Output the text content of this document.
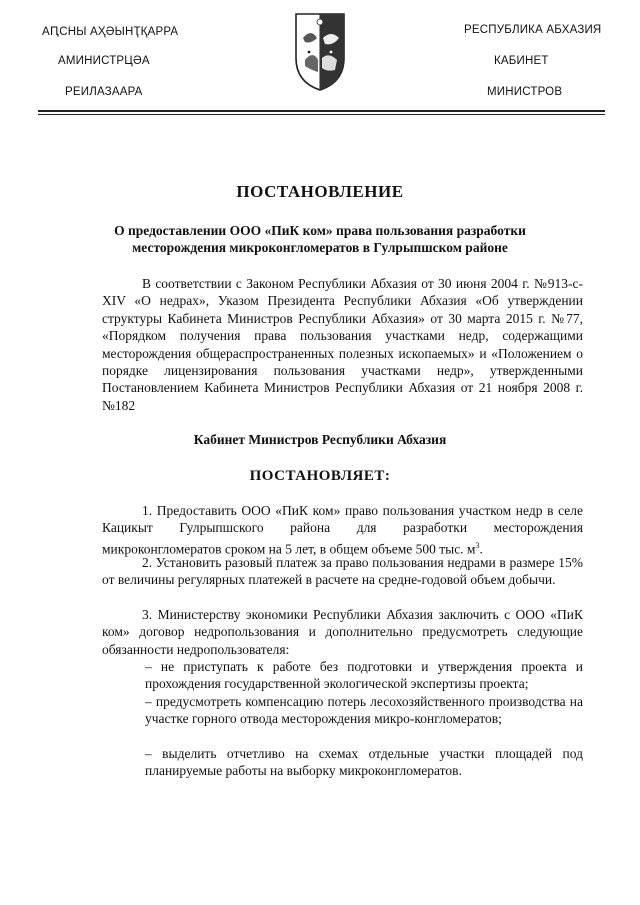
АԤСНЫ АҲӘЫНҬҚАРРА
АМИНИСТРЦӘА
РЕИЛАЗААРА
РЕСПУБЛИКА АБХАЗИЯ
КАБИНЕТ
МИНИСТРОВ
ПОСТАНОВЛЕНИЕ
О предоставлении ООО «ПиК ком» права пользования разработки месторождения микроконгломератов в Гулрыпшском районе
В соответствии с Законом Республики Абхазия от 30 июня 2004 г. №913-с-XIV «О недрах», Указом Президента Республики Абхазия «Об утверждении структуры Кабинета Министров Республики Абхазия» от 30 марта 2015 г. №77, «Порядком получения права пользования участками недр, содержащими месторождения общераспространенных полезных ископаемых» и «Положением о порядке лицензирования пользования участками недр», утвержденными Постановлением Кабинета Министров Республики Абхазия от 21 ноября 2008 г. №182
Кабинет Министров Республики Абхазия
ПОСТАНОВЛЯЕТ:
1. Предоставить ООО «ПиК ком» право пользования участком недр в селе Кацикыт Гулрыпшского района для разработки месторождения микроконгломератов сроком на 5 лет, в общем объеме 500 тыс. $м^3$.
2. Установить разовый платеж за право пользования недрами в размере 15% от величины регулярных платежей в расчете на средне-годовой объем добычи.
3. Министерству экономики Республики Абхазия заключить с ООО «ПиК ком» договор недропользования и дополнительно предусмотреть следующие обязанности недропользователя:
– не приступать к работе без подготовки и утверждения проекта и прохождения государственной экологической экспертизы проекта;
– предусмотреть компенсацию потерь лесохозяйственного производства на участке горного отвода месторождения микро-конгломератов;
– выделить отчетливо на схемах отдельные участки площадей под планируемые работы на выборку микроконгломератов.
